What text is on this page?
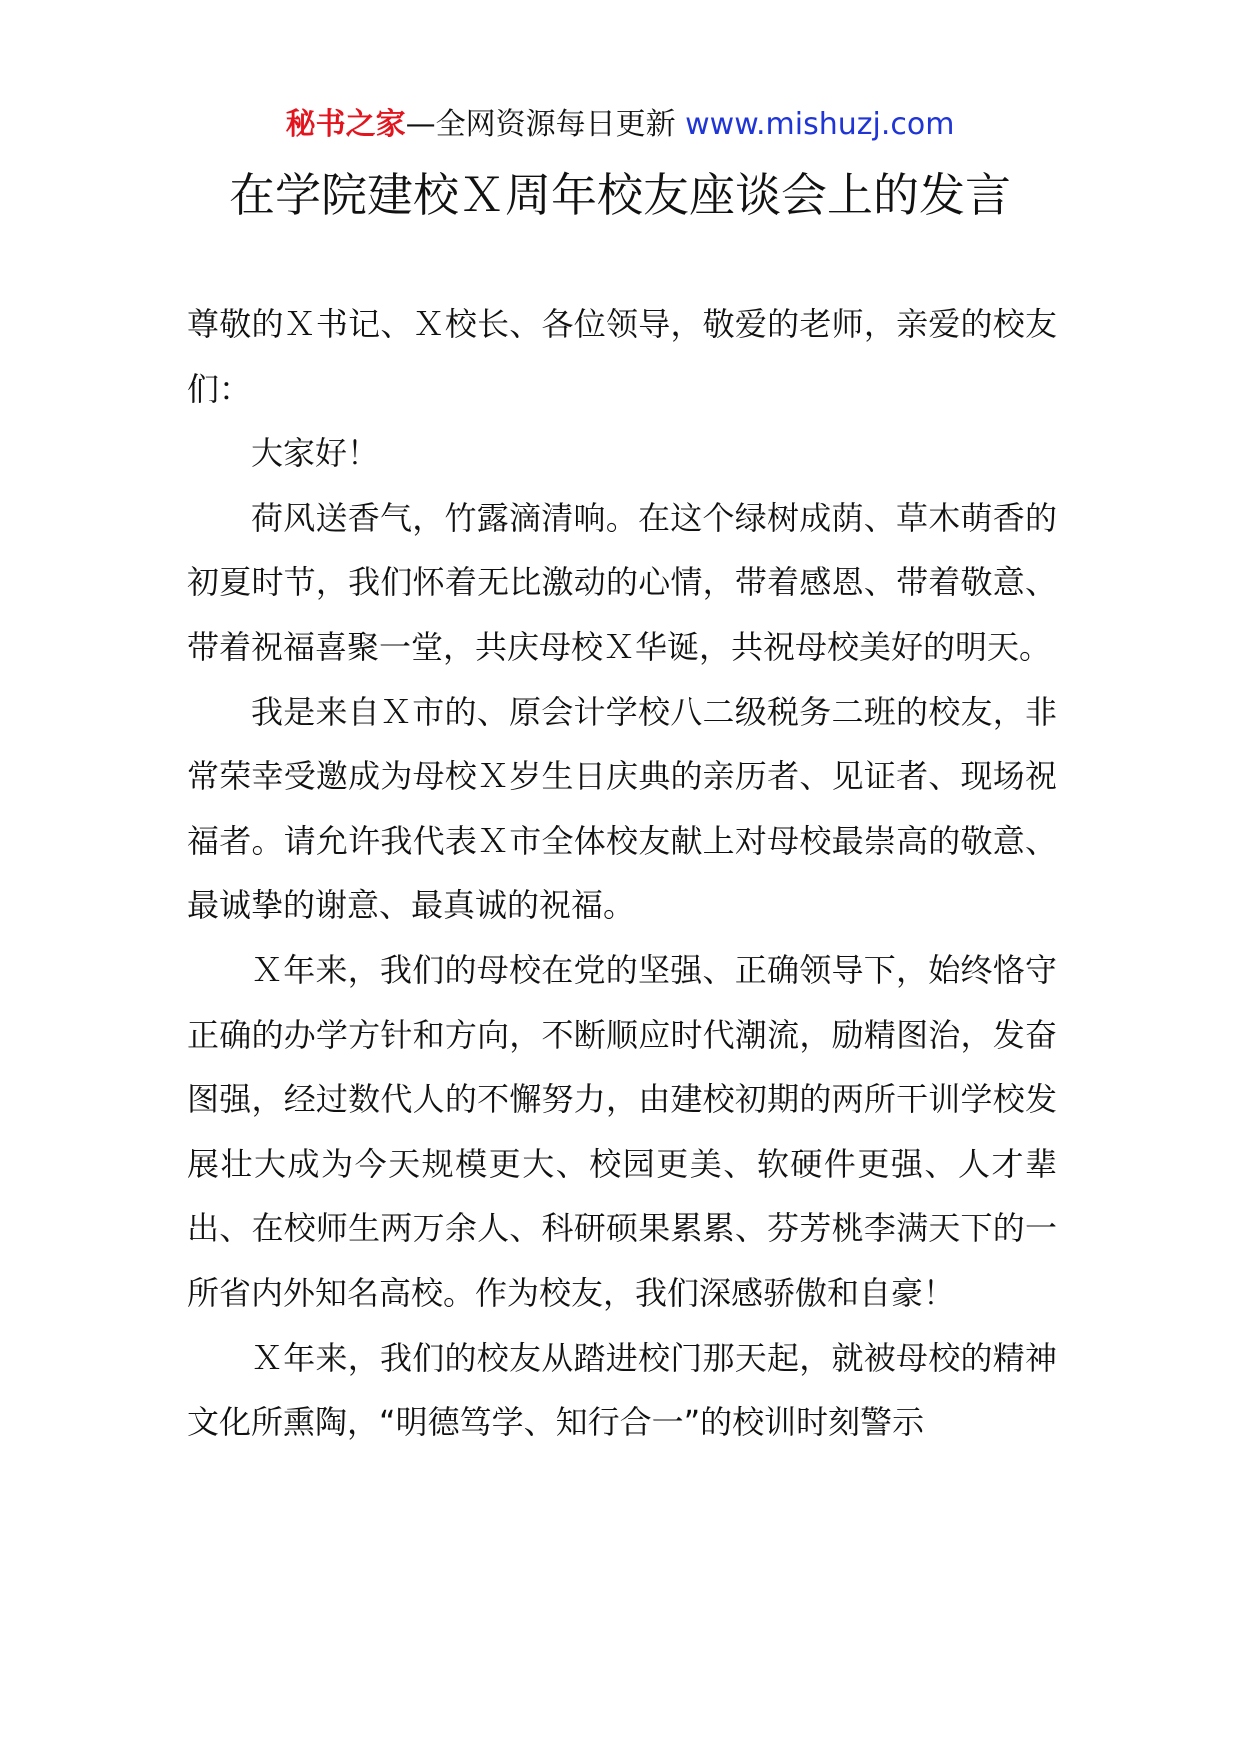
秘书之家—全网资源每日更新 www.mishuzj.com
在学院建校Ｘ周年校友座谈会上的发言

尊敬的Ｘ书记、Ｘ校长、各位领导，敬爱的老师，亲爱的校友们：

大家好！

荷风送香气，竹露滴清响。在这个绿树成荫、草木萌香的初夏时节，我们怀着无比激动的心情，带着感恩、带着敬意、带着祝福喜聚一堂，共庆母校Ｘ华诞，共祝母校美好的明天。

我是来自Ｘ市的、原会计学校八二级税务二班的校友，非常荣幸受邀成为母校Ｘ岁生日庆典的亲历者、见证者、现场祝福者。请允许我代表Ｘ市全体校友献上对母校最崇高的敬意、最诚挚的谢意、最真诚的祝福。

Ｘ年来，我们的母校在党的坚强、正确领导下，始终恪守正确的办学方针和方向，不断顺应时代潮流，励精图治，发奋图强，经过数代人的不懈努力，由建校初期的两所干训学校发展壮大成为今天规模更大、校园更美、软硬件更强、人才辈出、在校师生两万余人、科研硕果累累、芬芳桃李满天下的一所省内外知名高校。作为校友，我们深感骄傲和自豪！

Ｘ年来，我们的校友从踏进校门那天起，就被母校的精神文化所熏陶，“明德笃学、知行合一”的校训时刻警示
